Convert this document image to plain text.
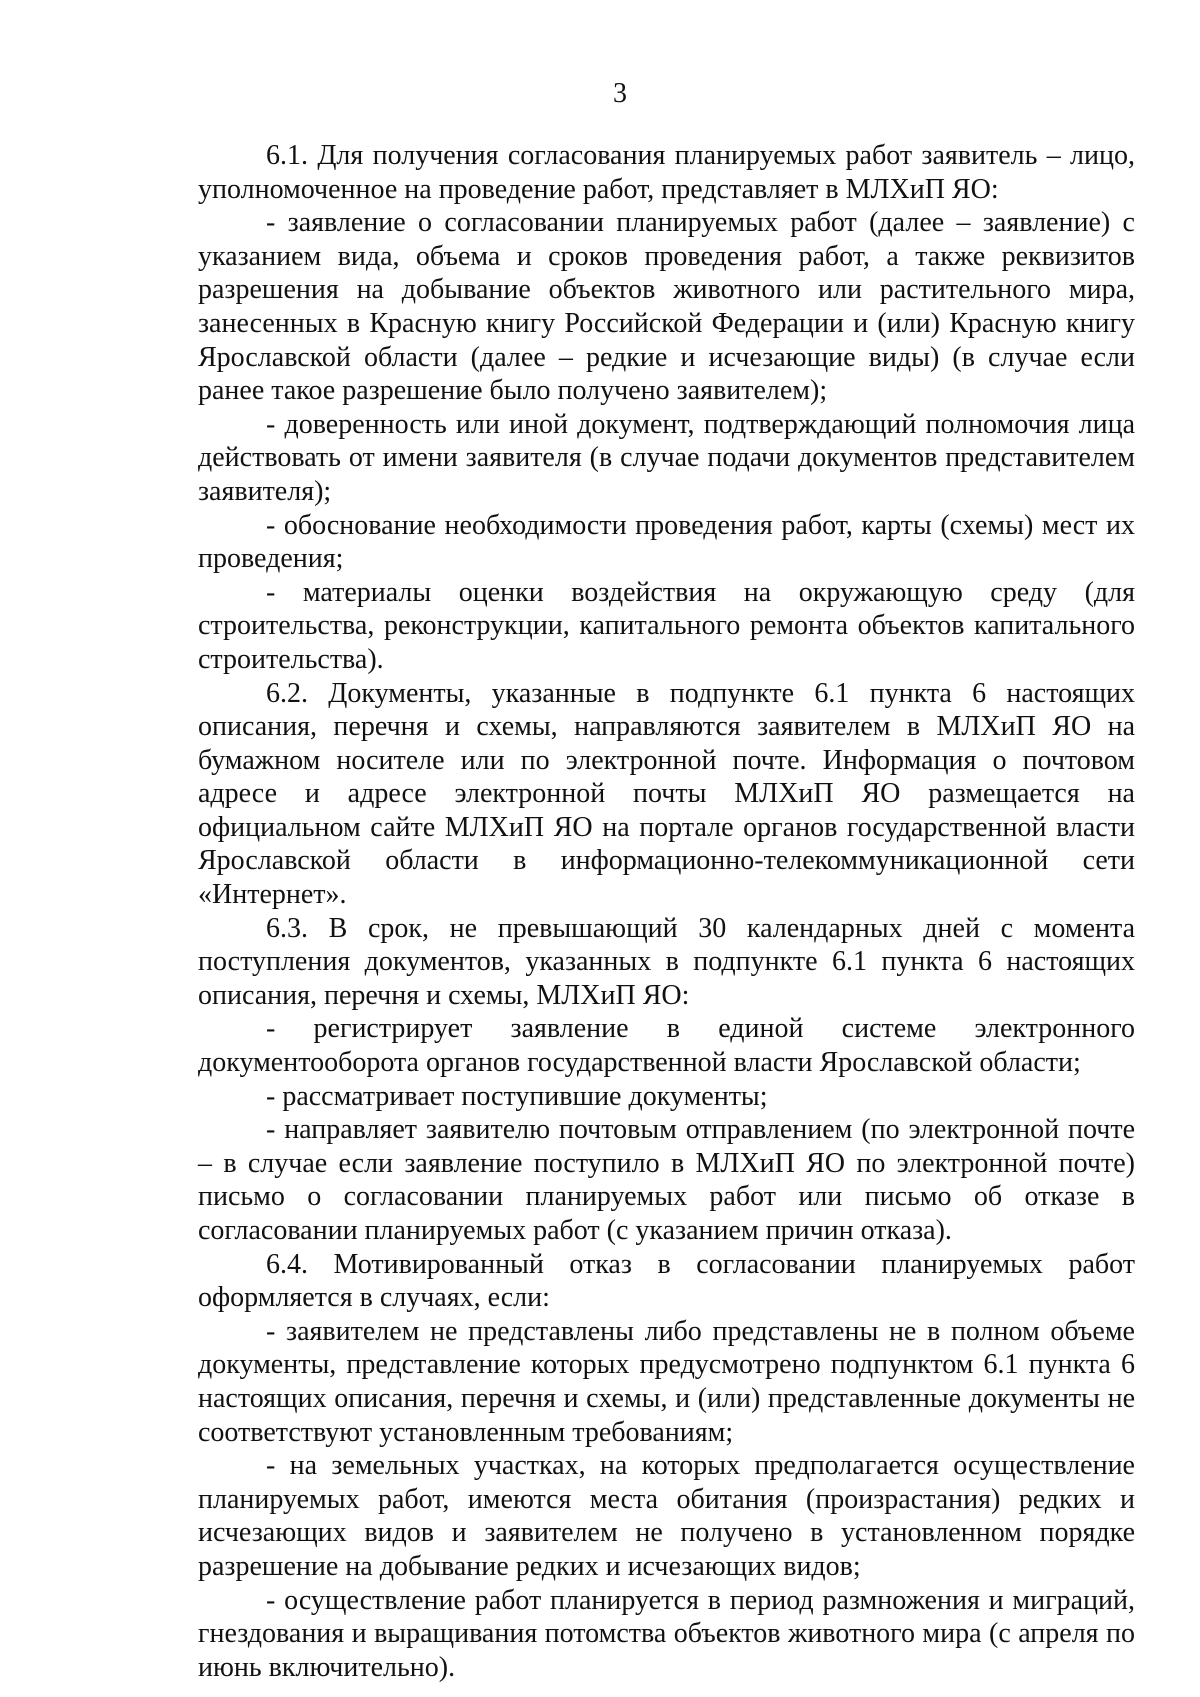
3

6.1. Для получения согласования планируемых работ заявитель – лицо, уполномоченное на проведение работ, представляет в МЛХиП ЯО:

- заявление о согласовании планируемых работ (далее – заявление) с указанием вида, объема и сроков проведения работ, а также реквизитов разрешения на добывание объектов животного или растительного мира, занесенных в Красную книгу Российской Федерации и (или) Красную книгу Ярославской области (далее – редкие и исчезающие виды) (в случае если ранее такое разрешение было получено заявителем);

- доверенность или иной документ, подтверждающий полномочия лица действовать от имени заявителя (в случае подачи документов представителем заявителя);

- обоснование необходимости проведения работ, карты (схемы) мест их проведения;

- материалы оценки воздействия на окружающую среду (для строительства, реконструкции, капитального ремонта объектов капитального строительства).

6.2. Документы, указанные в подпункте 6.1 пункта 6 настоящих описания, перечня и схемы, направляются заявителем в МЛХиП ЯО на бумажном носителе или по электронной почте. Информация о почтовом адресе и адресе электронной почты МЛХиП ЯО размещается на официальном сайте МЛХиП ЯО на портале органов государственной власти Ярославской области в информационно-телекоммуникационной сети «Интернет».

6.3. В срок, не превышающий 30 календарных дней с момента поступления документов, указанных в подпункте 6.1 пункта 6 настоящих описания, перечня и схемы, МЛХиП ЯО:

- регистрирует заявление в единой системе электронного документооборота органов государственной власти Ярославской области;

- рассматривает поступившие документы;

- направляет заявителю почтовым отправлением (по электронной почте – в случае если заявление поступило в МЛХиП ЯО по электронной почте) письмо о согласовании планируемых работ или письмо об отказе в согласовании планируемых работ (с указанием причин отказа).

6.4. Мотивированный отказ в согласовании планируемых работ оформляется в случаях, если:

- заявителем не представлены либо представлены не в полном объеме документы, представление которых предусмотрено подпунктом 6.1 пункта 6 настоящих описания, перечня и схемы, и (или) представленные документы не соответствуют установленным требованиям;

- на земельных участках, на которых предполагается осуществление планируемых работ, имеются места обитания (произрастания) редких и исчезающих видов и заявителем не получено в установленном порядке разрешение на добывание редких и исчезающих видов;

- осуществление работ планируется в период размножения и миграций, гнездования и выращивания потомства объектов животного мира (с апреля по июнь включительно).
